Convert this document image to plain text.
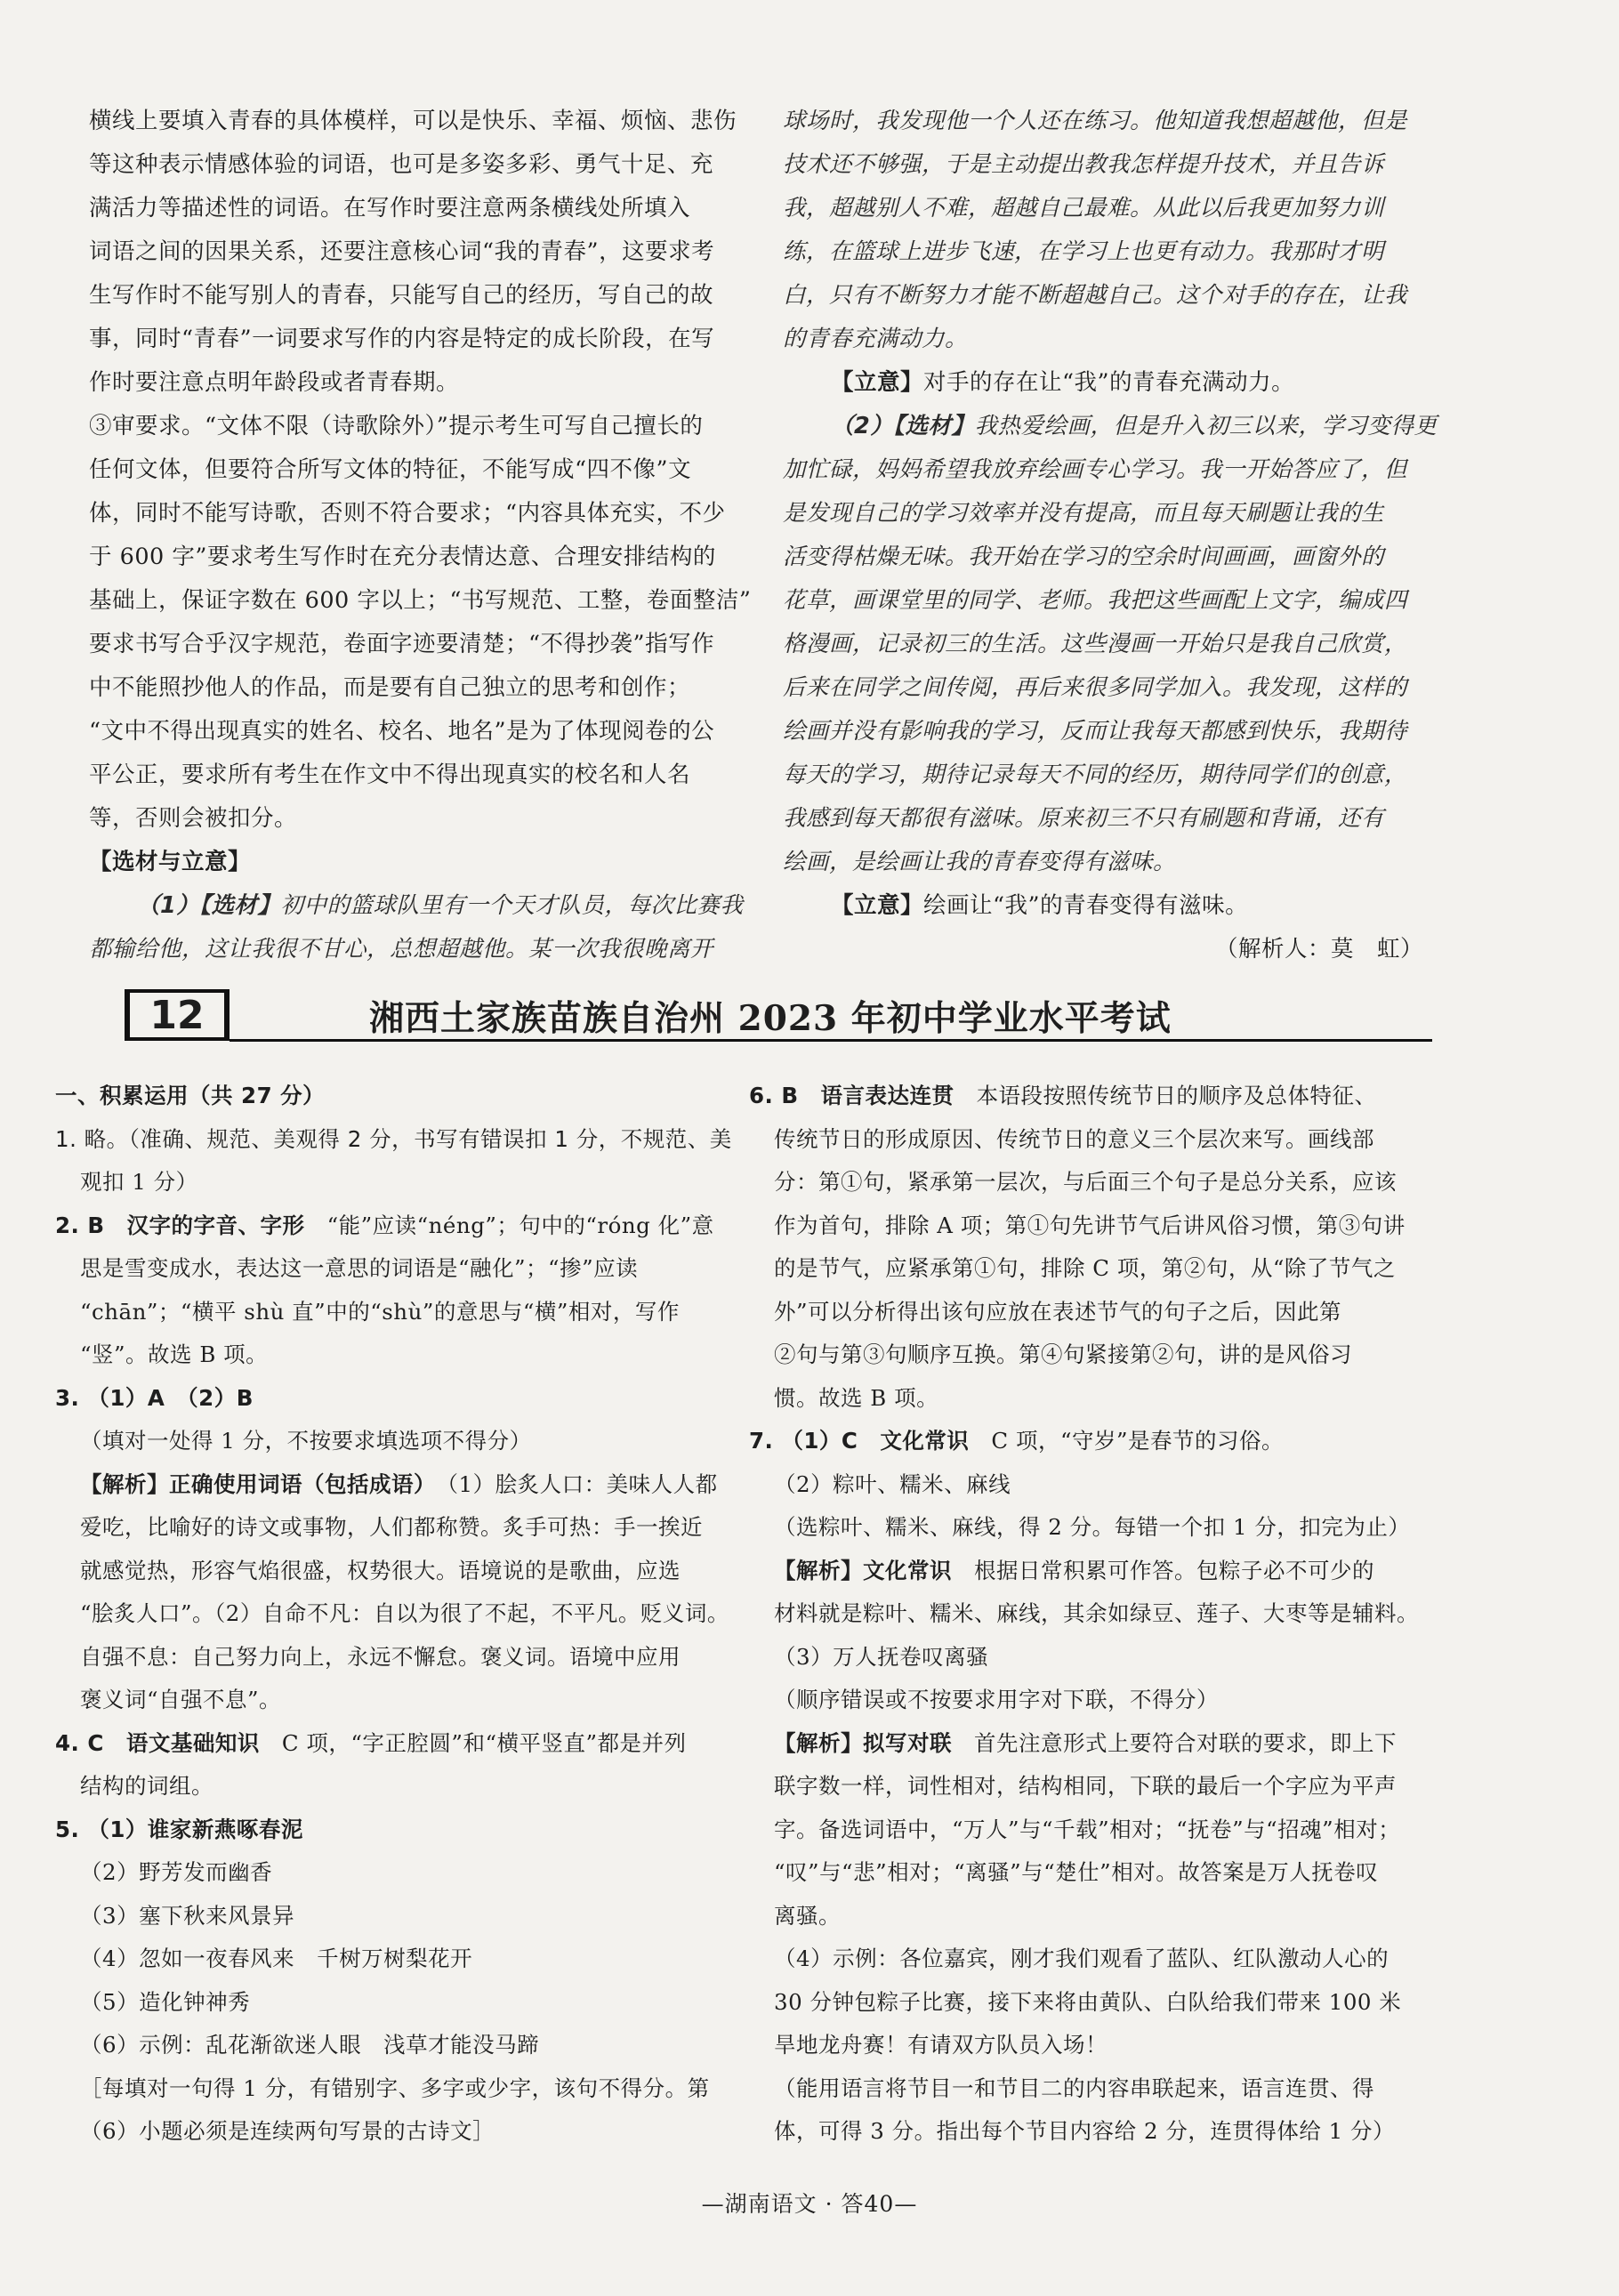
横线上要填入青春的具体模样，可以是快乐、幸福、烦恼、悲伤

等这种表示情感体验的词语，也可是多姿多彩、勇气十足、充

满活力等描述性的词语。在写作时要注意两条横线处所填入

词语之间的因果关系，还要注意核心词“我的青春”，这要求考

生写作时不能写别人的青春，只能写自己的经历，写自己的故

事，同时“青春”一词要求写作的内容是特定的成长阶段，在写

作时要注意点明年龄段或者青春期。

③审要求。“文体不限（诗歌除外）”提示考生可写自己擅长的

任何文体，但要符合所写文体的特征，不能写成“四不像”文

体，同时不能写诗歌，否则不符合要求；“内容具体充实，不少

于 600 字”要求考生写作时在充分表情达意、合理安排结构的

基础上，保证字数在 600 字以上；“书写规范、工整，卷面整洁”

要求书写合乎汉字规范，卷面字迹要清楚；“不得抄袭”指写作

中不能照抄他人的作品，而是要有自己独立的思考和创作；

“文中不得出现真实的姓名、校名、地名”是为了体现阅卷的公

平公正，要求所有考生在作文中不得出现真实的校名和人名

等，否则会被扣分。

【选材与立意】

（1）【选材】初中的篮球队里有一个天才队员，每次比赛我

都输给他，这让我很不甘心，总想超越他。某一次我很晚离开

球场时，我发现他一个人还在练习。他知道我想超越他，但是

技术还不够强，于是主动提出教我怎样提升技术，并且告诉

我，超越别人不难，超越自己最难。从此以后我更加努力训

练，在篮球上进步飞速，在学习上也更有动力。我那时才明

白，只有不断努力才能不断超越自己。这个对手的存在，让我

的青春充满动力。

【立意】对手的存在让“我”的青春充满动力。

（2）【选材】我热爱绘画，但是升入初三以来，学习变得更

加忙碌，妈妈希望我放弃绘画专心学习。我一开始答应了，但

是发现自己的学习效率并没有提高，而且每天刷题让我的生

活变得枯燥无味。我开始在学习的空余时间画画，画窗外的

花草，画课堂里的同学、老师。我把这些画配上文字，编成四

格漫画，记录初三的生活。这些漫画一开始只是我自己欣赏，

后来在同学之间传阅，再后来很多同学加入。我发现，这样的

绘画并没有影响我的学习，反而让我每天都感到快乐，我期待

每天的学习，期待记录每天不同的经历，期待同学们的创意，

我感到每天都很有滋味。原来初三不只有刷题和背诵，还有

绘画，是绘画让我的青春变得有滋味。

【立意】绘画让“我”的青春变得有滋味。

（解析人：莫　虹）

12	湘西土家族苗族自治州 2023 年初中学业水平考试

一、积累运用（共 27 分）

1. 略。（准确、规范、美观得 2 分，书写有错误扣 1 分，不规范、美

观扣 1 分）

2. B　汉字的字音、字形　 “能”应读“néng”；句中的“róng 化”意

思是雪变成水，表达这一意思的词语是“融化”；“掺”应读

“chān”；“横平 shù 直”中的“shù”的意思与“横”相对，写作

“竖”。故选 B 项。

3. （1）A　（2）B

（填对一处得 1 分，不按要求填选项不得分）

【解析】正确使用词语（包括成语）　 （1）脍炙人口：美味人人都

爱吃，比喻好的诗文或事物，人们都称赞。炙手可热：手一挨近

就感觉热，形容气焰很盛，权势很大。语境说的是歌曲，应选

“脍炙人口”。（2）自命不凡：自以为很了不起，不平凡。贬义词。

自强不息：自己努力向上，永远不懈怠。褒义词。语境中应用

褒义词“自强不息”。

4. C　语文基础知识　 C 项，“字正腔圆”和“横平竖直”都是并列

结构的词组。

5. （1）谁家新燕啄春泥

（2）野芳发而幽香

（3）塞下秋来风景异

（4）忽如一夜春风来　千树万树梨花开

（5）造化钟神秀

（6）示例：乱花渐欲迷人眼　浅草才能没马蹄

［每填对一句得 1 分，有错别字、多字或少字，该句不得分。第

（6）小题必须是连续两句写景的古诗文］

6. B　语言表达连贯　 本语段按照传统节日的顺序及总体特征、

传统节日的形成原因、传统节日的意义三个层次来写。画线部

分：第①句，紧承第一层次，与后面三个句子是总分关系，应该

作为首句，排除 A 项；第①句先讲节气后讲风俗习惯，第③句讲

的是节气，应紧承第①句，排除 C 项，第②句，从“除了节气之

外”可以分析得出该句应放在表述节气的句子之后，因此第

②句与第③句顺序互换。第④句紧接第②句，讲的是风俗习

惯。故选 B 项。

7. （1）C　文化常识　 C 项，“守岁”是春节的习俗。

（2）粽叶、糯米、麻线

（选粽叶、糯米、麻线，得 2 分。每错一个扣 1 分，扣完为止）

【解析】文化常识　 根据日常积累可作答。包粽子必不可少的

材料就是粽叶、糯米、麻线，其余如绿豆、莲子、大枣等是辅料。

（3）万人抚卷叹离骚

（顺序错误或不按要求用字对下联，不得分）

【解析】拟写对联　 首先注意形式上要符合对联的要求，即上下

联字数一样，词性相对，结构相同，下联的最后一个字应为平声

字。备选词语中，“万人”与“千载”相对；“抚卷”与“招魂”相对；

“叹”与“悲”相对；“离骚”与“楚仕”相对。故答案是万人抚卷叹

离骚。

（4）示例：各位嘉宾，刚才我们观看了蓝队、红队激动人心的

30 分钟包粽子比赛，接下来将由黄队、白队给我们带来 100 米

旱地龙舟赛！有请双方队员入场！

（能用语言将节目一和节目二的内容串联起来，语言连贯、得

体，可得 3 分。指出每个节目内容给 2 分，连贯得体给 1 分）

—湖南语文 · 答40—
